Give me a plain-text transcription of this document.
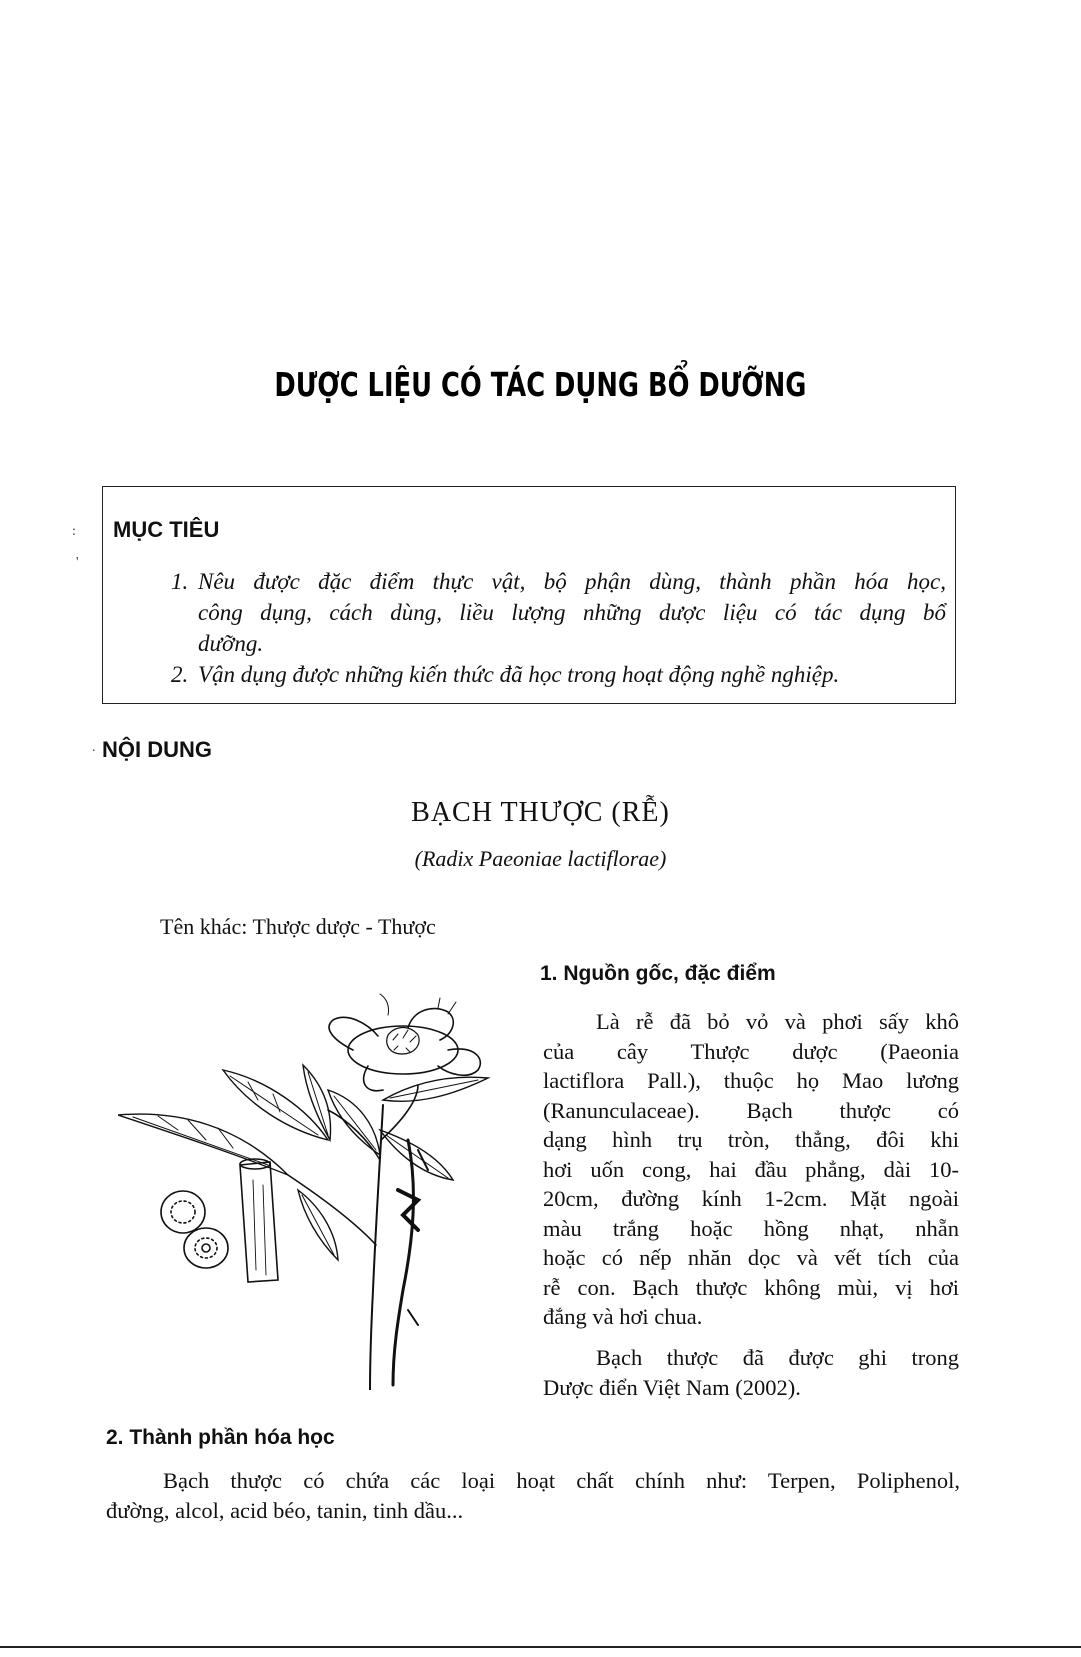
DƯỢC LIỆU CÓ TÁC DỤNG BỔ DƯỠNG
:
'
MỤC TIÊU
1. Nêu được đặc điểm thực vật, bộ phận dùng, thành phần hóa học,
công dụng, cách dùng, liều lượng những dược liệu có tác dụng bổ
dưỡng.
2. Vận dụng được những kiến thức đã học trong hoạt động nghề nghiệp.
. NỘI DUNG
BẠCH THƯỢC (RỄ)
(Radix Paeoniae lactiflorae)
Tên khác: Thược dược - Thược
1. Nguồn gốc, đặc điểm
Là rễ đã bỏ vỏ và phơi sấy khô
của cây Thược dược (Paeonia
lactiflora Pall.), thuộc họ Mao lương
(Ranunculaceae). Bạch thược có
dạng hình trụ tròn, thẳng, đôi khi
hơi uốn cong, hai đầu phẳng, dài 10-
20cm, đường kính 1-2cm. Mặt ngoài
màu trắng hoặc hồng nhạt, nhẵn
hoặc có nếp nhăn dọc và vết tích của
rễ con. Bạch thược không mùi, vị hơi
đắng và hơi chua.
Bạch thược đã được ghi trong
Dược điển Việt Nam (2002).
2. Thành phần hóa học
Bạch thược có chứa các loại hoạt chất chính như: Terpen, Poliphenol,
đường, alcol, acid béo, tanin, tinh dầu...
